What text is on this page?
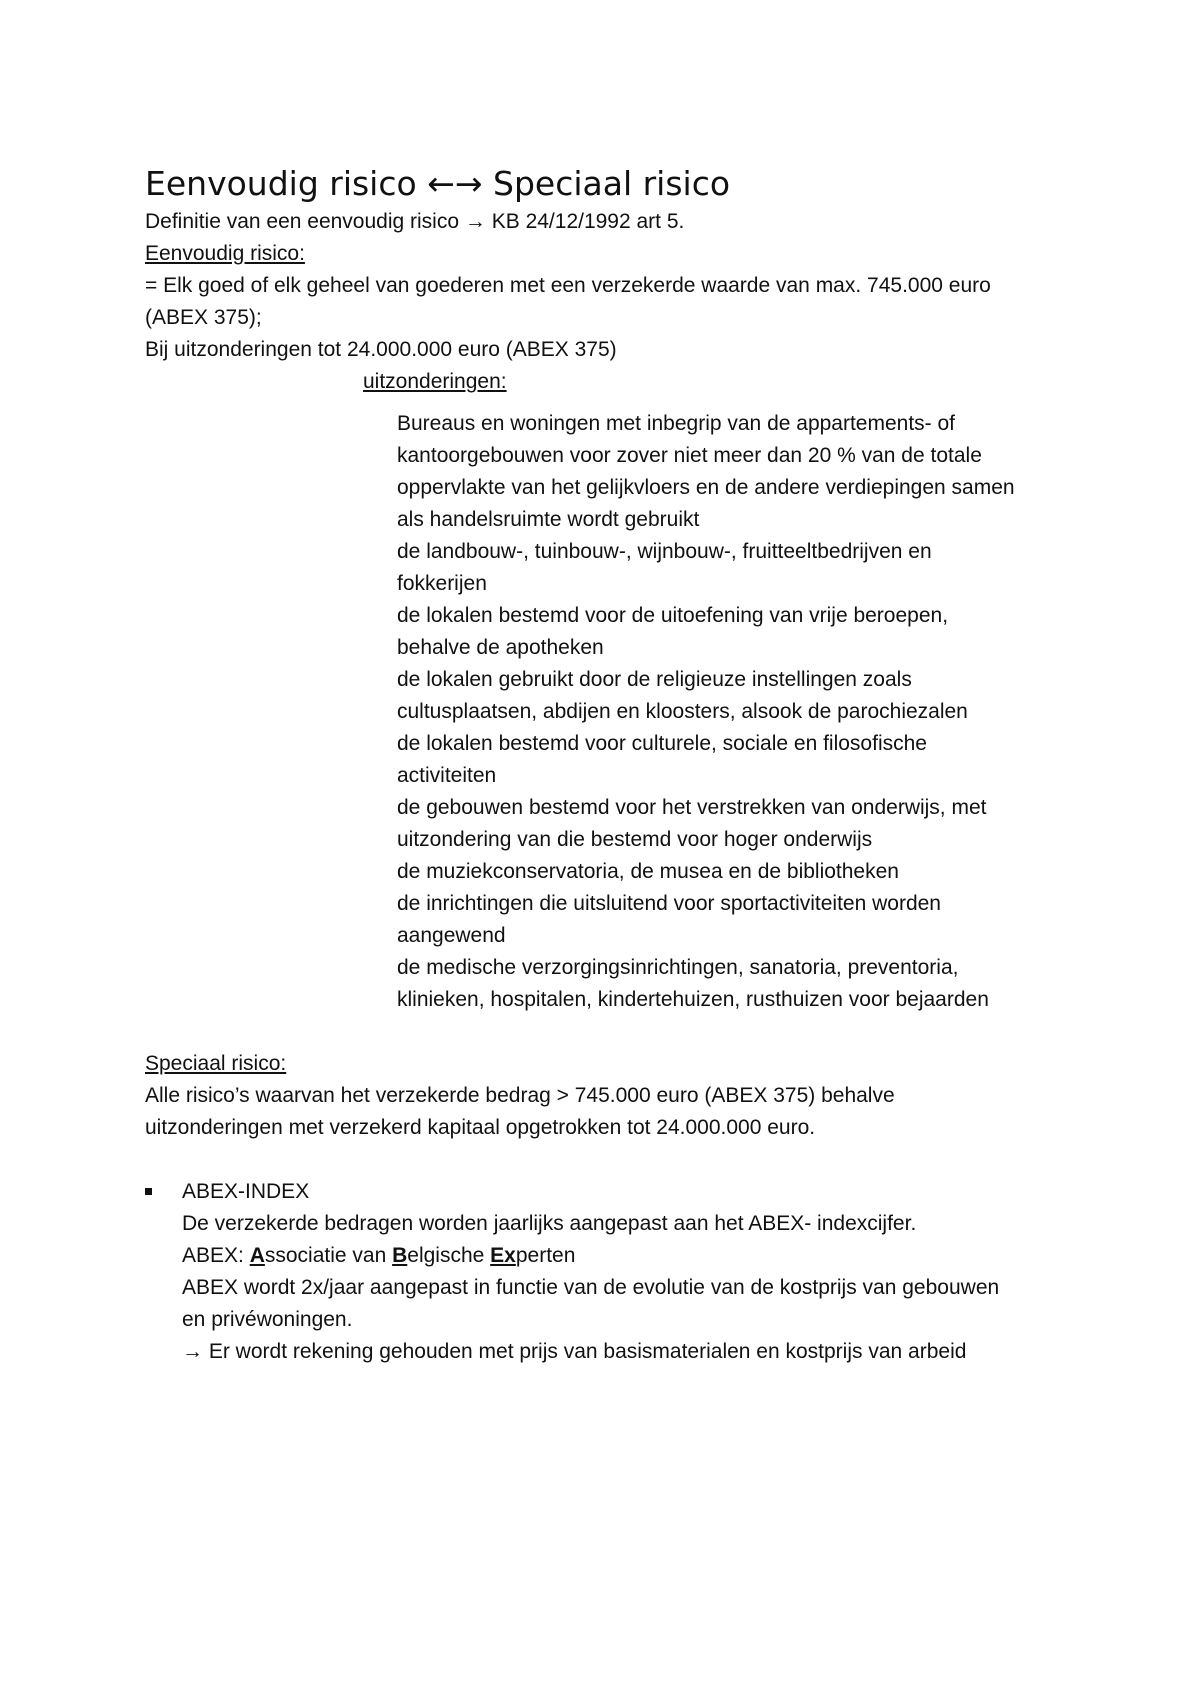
Eenvoudig risico ←→ Speciaal risico

Definitie van een eenvoudig risico → KB 24/12/1992 art 5.

Eenvoudig risico:

= Elk goed of elk geheel van goederen met een verzekerde waarde van max. 745.000 euro

(ABEX 375);

Bij uitzonderingen tot 24.000.000 euro (ABEX 375)

uitzonderingen:

Bureaus en woningen met inbegrip van de appartements- of

kantoorgebouwen voor zover niet meer dan 20 % van de totale

oppervlakte van het gelijkvloers en de andere verdiepingen samen

als handelsruimte wordt gebruikt

de landbouw-, tuinbouw-, wijnbouw-, fruitteeltbedrijven en

fokkerijen

de lokalen bestemd voor de uitoefening van vrije beroepen,

behalve de apotheken

de lokalen gebruikt door de religieuze instellingen zoals

cultusplaatsen, abdijen en kloosters, alsook de parochiezalen

de lokalen bestemd voor culturele, sociale en filosofische

activiteiten

de gebouwen bestemd voor het verstrekken van onderwijs, met

uitzondering van die bestemd voor hoger onderwijs

de muziekconservatoria, de musea en de bibliotheken

de inrichtingen die uitsluitend voor sportactiviteiten worden

aangewend

de medische verzorgingsinrichtingen, sanatoria, preventoria,

klinieken, hospitalen, kindertehuizen, rusthuizen voor bejaarden

Speciaal risico:

Alle risico’s waarvan het verzekerde bedrag > 745.000 euro (ABEX 375) behalve

uitzonderingen met verzekerd kapitaal opgetrokken tot 24.000.000 euro.

ABEX-INDEX

De verzekerde bedragen worden jaarlijks aangepast aan het ABEX- indexcijfer.

ABEX: Associatie van Belgische Experten

ABEX wordt 2x/jaar aangepast in functie van de evolutie van de kostprijs van gebouwen

en privéwoningen.

→ Er wordt rekening gehouden met prijs van basismaterialen en kostprijs van arbeid
